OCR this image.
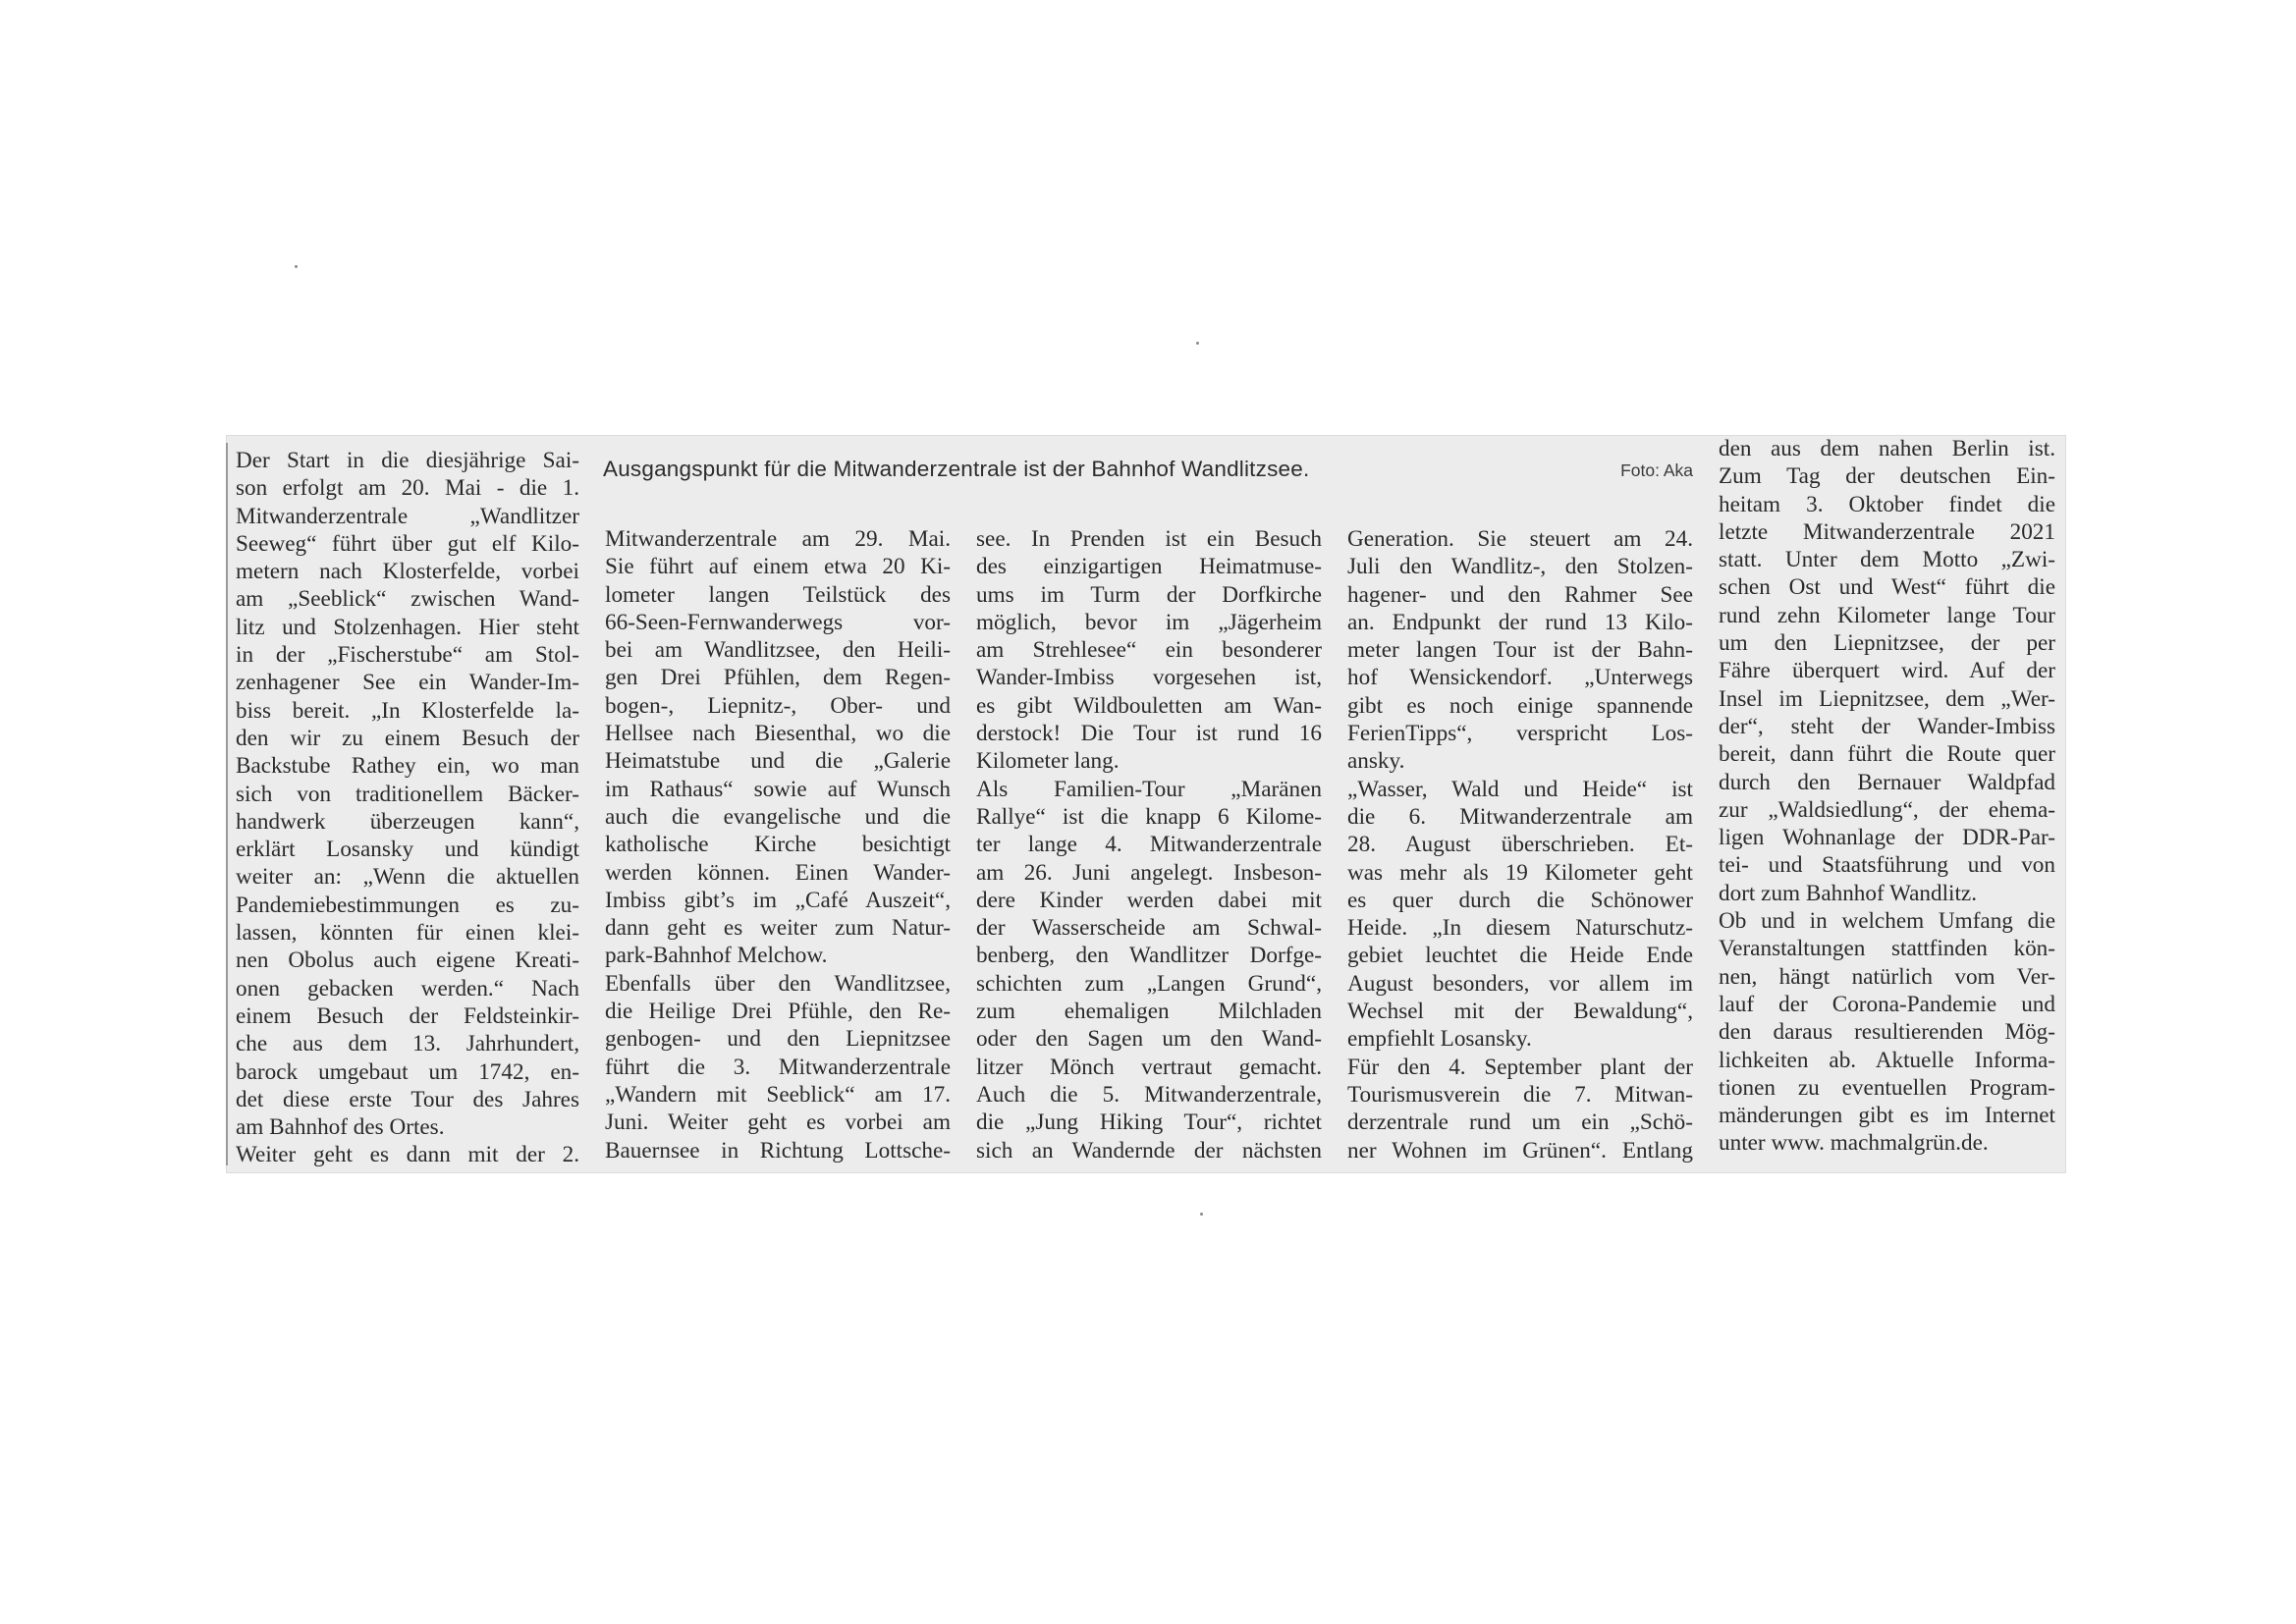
Der Start in die diesjährige Sai-

son erfolgt am 20. Mai - die 1.

Mitwanderzentrale „Wandlitzer

Seeweg“ führt über gut elf Kilo-

metern nach Klosterfelde, vorbei

am „Seeblick“ zwischen Wand-

litz und Stolzenhagen. Hier steht

in der „Fischerstube“ am Stol-

zenhagener See ein Wander-Im-

biss bereit. „In Klosterfelde la-

den wir zu einem Besuch der

Backstube Rathey ein, wo man

sich von traditionellem Bäcker-

handwerk überzeugen kann“,

erklärt Losansky und kündigt

weiter an: „Wenn die aktuellen

Pandemiebestimmungen es zu-

lassen, könnten für einen klei-

nen Obolus auch eigene Kreati-

onen gebacken werden.“ Nach

einem Besuch der Feldsteinkir-

che aus dem 13. Jahrhundert,

barock umgebaut um 1742, en-

det diese erste Tour des Jahres

am Bahnhof des Ortes.

Weiter geht es dann mit der 2.

Ausgangspunkt für die Mitwanderzentrale ist der Bahnhof Wandlitzsee.	Foto: Aka

Mitwanderzentrale am 29. Mai.

Sie führt auf einem etwa 20 Ki-

lometer langen Teilstück des

66-Seen-Fernwanderwegs vor-

bei am Wandlitzsee, den Heili-

gen Drei Pfühlen, dem Regen-

bogen-, Liepnitz-, Ober- und

Hellsee nach Biesenthal, wo die

Heimatstube und die „Galerie

im Rathaus“ sowie auf Wunsch

auch die evangelische und die

katholische Kirche besichtigt

werden können. Einen Wander-

Imbiss gibt’s im „Café Auszeit“,

dann geht es weiter zum Natur-

park-Bahnhof Melchow.

Ebenfalls über den Wandlitzsee,

die Heilige Drei Pfühle, den Re-

genbogen- und den Liepnitzsee

führt die 3. Mitwanderzentrale

„Wandern mit Seeblick“ am 17.

Juni. Weiter geht es vorbei am

Bauernsee in Richtung Lottsche-

see. In Prenden ist ein Besuch

des einzigartigen Heimatmuse-

ums im Turm der Dorfkirche

möglich, bevor im „Jägerheim

am Strehlesee“ ein besonderer

Wander-Imbiss vorgesehen ist,

es gibt Wildbouletten am Wan-

derstock! Die Tour ist rund 16

Kilometer lang.

Als Familien-Tour „Maränen

Rallye“ ist die knapp 6 Kilome-

ter lange 4. Mitwanderzentrale

am 26. Juni angelegt. Insbeson-

dere Kinder werden dabei mit

der Wasserscheide am Schwal-

benberg, den Wandlitzer Dorfge-

schichten zum „Langen Grund“,

zum ehemaligen Milchladen

oder den Sagen um den Wand-

litzer Mönch vertraut gemacht.

Auch die 5. Mitwanderzentrale,

die „Jung Hiking Tour“, richtet

sich an Wandernde der nächsten

Generation. Sie steuert am 24.

Juli den Wandlitz-, den Stolzen-

hagener- und den Rahmer See

an. Endpunkt der rund 13 Kilo-

meter langen Tour ist der Bahn-

hof Wensickendorf. „Unterwegs

gibt es noch einige spannende

FerienTipps“, verspricht Los-

ansky.

„Wasser, Wald und Heide“ ist

die 6. Mitwanderzentrale am

28. August überschrieben. Et-

was mehr als 19 Kilometer geht

es quer durch die Schönower

Heide. „In diesem Naturschutz-

gebiet leuchtet die Heide Ende

August besonders, vor allem im

Wechsel mit der Bewaldung“,

empfiehlt Losansky.

Für den 4. September plant der

Tourismusverein die 7. Mitwan-

derzentrale rund um ein „Schö-

ner Wohnen im Grünen“. Entlang

den aus dem nahen Berlin ist.

Zum Tag der deutschen Ein-

heitam 3. Oktober findet die

letzte Mitwanderzentrale 2021

statt. Unter dem Motto „Zwi-

schen Ost und West“ führt die

rund zehn Kilometer lange Tour

um den Liepnitzsee, der per

Fähre überquert wird. Auf der

Insel im Liepnitzsee, dem „Wer-

der“, steht der Wander-Imbiss

bereit, dann führt die Route quer

durch den Bernauer Waldpfad

zur „Waldsiedlung“, der ehema-

ligen Wohnanlage der DDR-Par-

tei- und Staatsführung und von

dort zum Bahnhof Wandlitz.

Ob und in welchem Umfang die

Veranstaltungen stattfinden kön-

nen, hängt natürlich vom Ver-

lauf der Corona-Pandemie und

den daraus resultierenden Mög-

lichkeiten ab. Aktuelle Informa-

tionen zu eventuellen Program-

mänderungen gibt es im Internet

unter www. machmalgrün.de.
